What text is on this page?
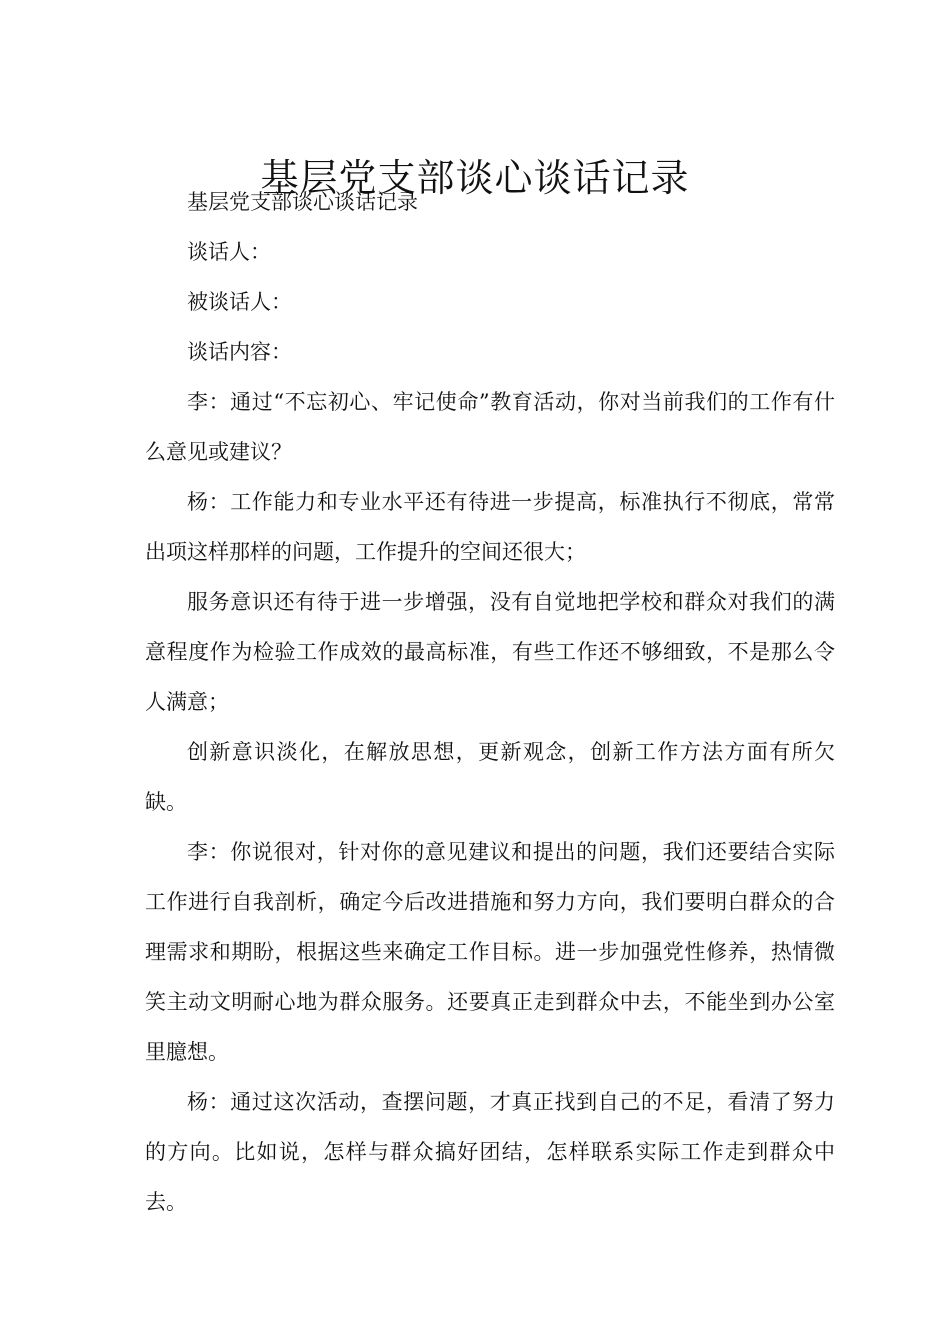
基层党支部谈心谈话记录

基层党支部谈心谈话记录

谈话人：

被谈话人：

谈话内容：

李：通过“不忘初心、牢记使命”教育活动，你对当前我们的工作有什么意见或建议？

杨：工作能力和专业水平还有待进一步提高，标准执行不彻底，常常出项这样那样的问题，工作提升的空间还很大；

服务意识还有待于进一步增强，没有自觉地把学校和群众对我们的满意程度作为检验工作成效的最高标准，有些工作还不够细致，不是那么令人满意；

创新意识淡化，在解放思想，更新观念，创新工作方法方面有所欠缺。

李：你说很对，针对你的意见建议和提出的问题，我们还要结合实际工作进行自我剖析，确定今后改进措施和努力方向，我们要明白群众的合理需求和期盼，根据这些来确定工作目标。进一步加强党性修养，热情微笑主动文明耐心地为群众服务。还要真正走到群众中去，不能坐到办公室里臆想。

杨：通过这次活动，查摆问题，才真正找到自己的不足，看清了努力的方向。比如说，怎样与群众搞好团结，怎样联系实际工作走到群众中去。
